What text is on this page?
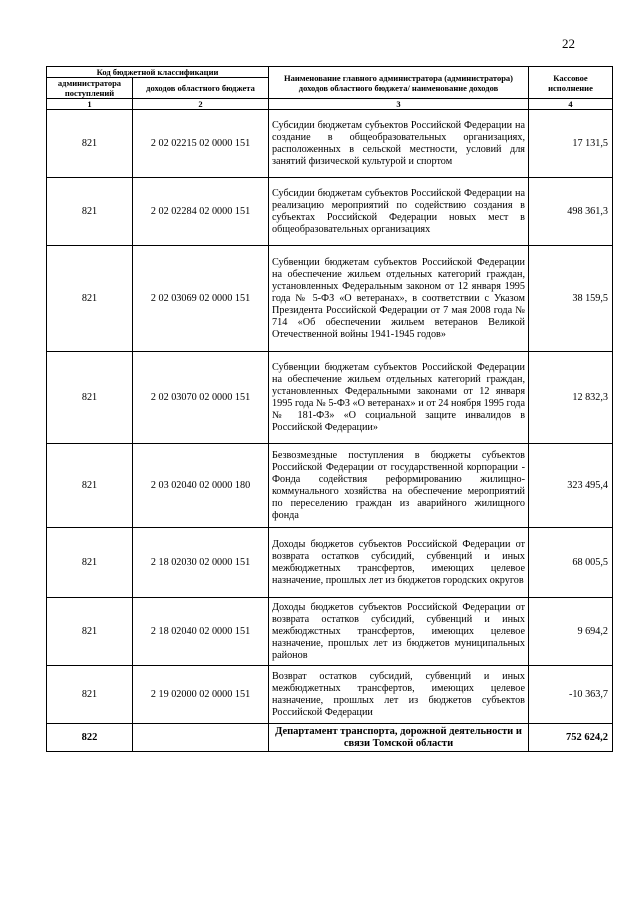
22
Код бюджетной классификации		Наименование главного администратора (администратора) доходов областного бюджета/ наименование доходов	Кассовое исполнение
администратора поступлений	доходов областного бюджета		
1	2	3	4
821	2 02 02215 02 0000 151	Субсидии бюджетам субъектов Российской Федерации на создание в общеобразовательных организациях, расположенных в сельской местности, условий для занятий физической культурой и спортом	17 131,5
821	2 02 02284 02 0000 151	Субсидии бюджетам субъектов Российской Федерации на реализацию мероприятий по содействию создания в субъектах Российской Федерации новых мест в общеобразовательных организациях	498 361,3
821	2 02 03069 02 0000 151	Субвенции бюджетам субъектов Российской Федерации на обеспечение жильем отдельных категорий граждан, установленных Федеральным законом от 12 января 1995 года № 5-ФЗ «О ветеранах», в соответствии с Указом Президента Российской Федерации от 7 мая 2008 года № 714 «Об обеспечении жильем ветеранов Великой Отечественной войны 1941-1945 годов»	38 159,5
821	2 02 03070 02 0000 151	Субвенции бюджетам субъектов Российской Федерации на обеспечение жильем отдельных категорий граждан, установленных Федеральными законами от 12 января 1995 года № 5-ФЗ «О ветеранах» и от 24 ноября 1995 года № 181-ФЗ» «О социальной защите инвалидов в Российской Федерации»	12 832,3
821	2 03 02040 02 0000 180	Безвозмездные поступления в бюджеты субъектов Российской Федерации от государственной корпорации - Фонда содействия реформированию жилищно-коммунального хозяйства на обеспечение мероприятий по переселению граждан из аварийного жилищного фонда	323 495,4
821	2 18 02030 02 0000 151	Доходы бюджетов субъектов Российской Федерации от возврата остатков субсидий, субвенций и иных межбюджетных трансфертов, имеющих целевое назначение, прошлых лет из бюджетов городских округов	68 005,5
821	2 18 02040 02 0000 151	Доходы бюджетов субъектов Российской Федерации от возврата остатков субсидий, субвенций и иных межбюджстных трансфертов, имеющих целевое назначение, прошлых лет из бюджетов муниципальных районов	9 694,2
821	2 19 02000 02 0000 151	Возврат остатков субсидий, субвенций и иных межбюджетных трансфертов, имеющих целевое назначение, прошлых лет из бюджетов субъектов Российской Федерации	-10 363,7
822		Департамент транспорта, дорожной деятельности и связи Томской области	752 624,2
